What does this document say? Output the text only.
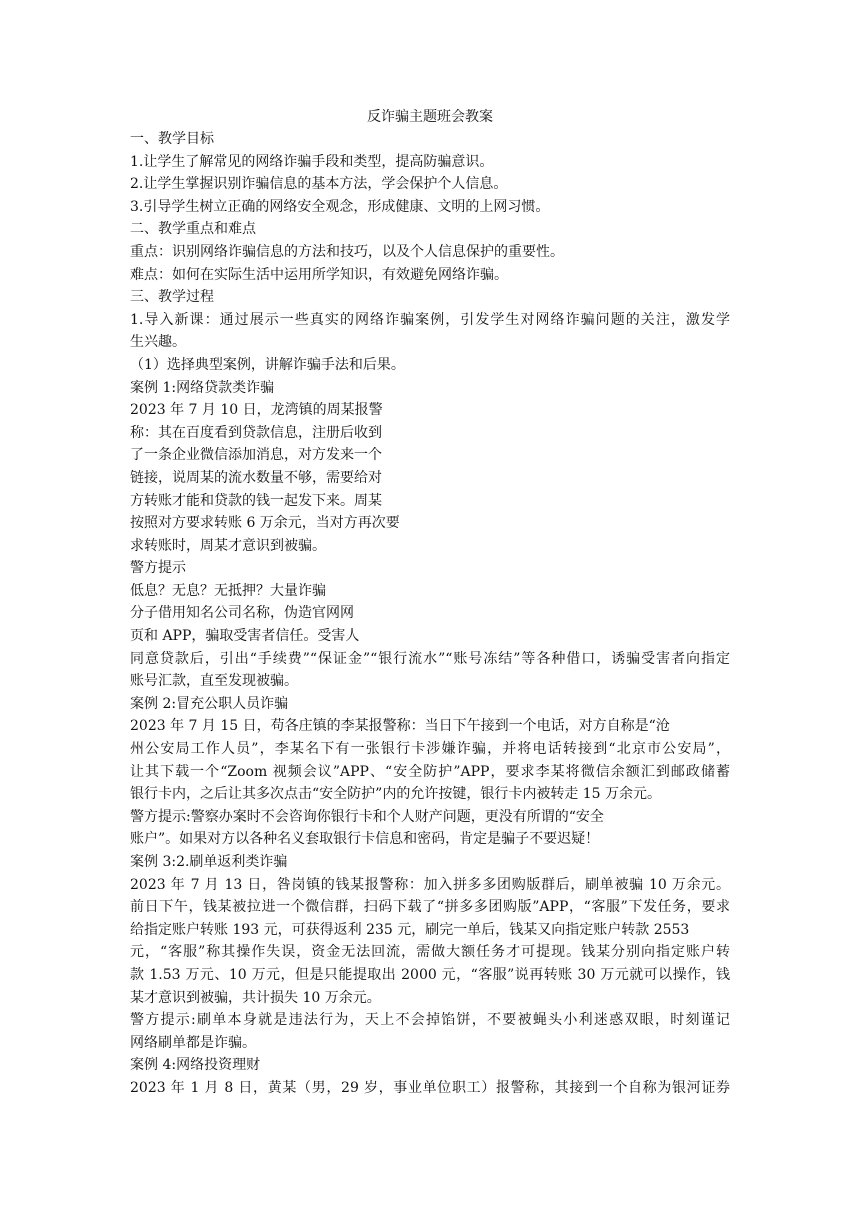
反诈骗主题班会教案
一、教学目标
1.让学生了解常见的网络诈骗手段和类型，提高防骗意识。
2.让学生掌握识别诈骗信息的基本方法，学会保护个人信息。
3.引导学生树立正确的网络安全观念，形成健康、文明的上网习惯。
二、教学重点和难点
重点：识别网络诈骗信息的方法和技巧，以及个人信息保护的重要性。
难点：如何在实际生活中运用所学知识，有效避免网络诈骗。
三、教学过程
1.导入新课：通过展示一些真实的网络诈骗案例，引发学生对网络诈骗问题的关注，激发学
生兴趣。
（1）选择典型案例，讲解诈骗手法和后果。
案例 1:网络贷款类诈骗
2023 年 7 月 10 日，龙湾镇的周某报警
称：其在百度看到贷款信息，注册后收到
了一条企业微信添加消息，对方发来一个
链接，说周某的流水数量不够，需要给对
方转账才能和贷款的钱一起发下来。周某
按照对方要求转账 6 万余元，当对方再次要
求转账时，周某才意识到被骗。
警方提示
低息？无息？无抵押？大量诈骗
分子借用知名公司名称，伪造官网网
页和 APP，骗取受害者信任。受害人
同意贷款后，引出“手续费”“保证金”“银行流水”“账号冻结”等各种借口，诱骗受害者向指定
账号汇款，直至发现被骗。
案例 2:冒充公职人员诈骗
2023 年 7 月 15 日，苟各庄镇的李某报警称：当日下午接到一个电话，对方自称是“沧
州公安局工作人员”，李某名下有一张银行卡涉嫌诈骗，并将电话转接到“北京市公安局”，
让其下载一个“Zoom 视频会议”APP、“安全防护”APP，要求李某将微信余额汇到邮政储蓄
银行卡内，之后让其多次点击“安全防护”内的允许按键，银行卡内被转走 15 万余元。
警方提示:警察办案时不会咨询你银行卡和个人财产问题，更没有所谓的“安全
账户”。如果对方以各种名义套取银行卡信息和密码，肯定是骗子不要迟疑！
案例 3:2.刷单返利类诈骗
2023 年 7 月 13 日，咎岗镇的钱某报警称：加入拼多多团购版群后，刷单被骗 10 万余元。
前日下午，钱某被拉进一个微信群，扫码下载了“拼多多团购版”APP，“客服”下发任务，要求
给指定账户转账 193 元，可获得返利 235 元，刷完一单后，钱某又向指定账户转款 2553
元，“客服”称其操作失误，资金无法回流，需做大额任务才可提现。钱某分别向指定账户转
款 1.53 万元、10 万元，但是只能提取出 2000 元，“客服”说再转账 30 万元就可以操作，钱
某才意识到被骗，共计损失 10 万余元。
警方提示:刷单本身就是违法行为，天上不会掉馅饼，不要被蝇头小利迷惑双眼，时刻谨记
网络刷单都是诈骗。
案例 4:网络投资理财
2023 年 1 月 8 日，黄某（男，29 岁，事业单位职工）报警称，其接到一个自称为银河证券
